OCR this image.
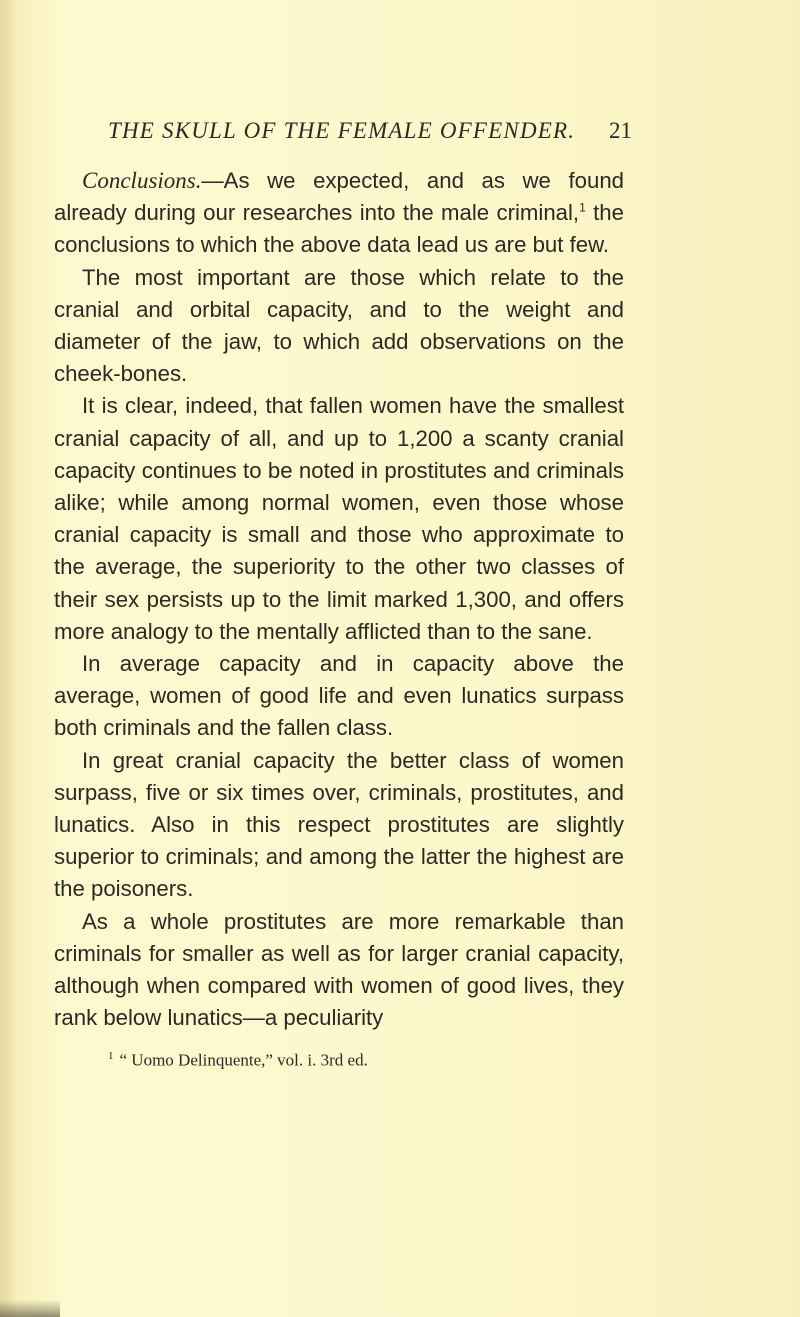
THE SKULL OF THE FEMALE OFFENDER. 21

Conclusions.—As we expected, and as we found already during our researches into the male criminal,$^1$ the conclusions to which the above data lead us are but few.

The most important are those which relate to the cranial and orbital capacity, and to the weight and diameter of the jaw, to which add observations on the cheek-bones.

It is clear, indeed, that fallen women have the smallest cranial capacity of all, and up to 1,200 a scanty cranial capacity continues to be noted in prostitutes and criminals alike; while among normal women, even those whose cranial capacity is small and those who approximate to the average, the superiority to the other two classes of their sex persists up to the limit marked 1,300, and offers more analogy to the mentally afflicted than to the sane.

In average capacity and in capacity above the average, women of good life and even lunatics surpass both criminals and the fallen class.

In great cranial capacity the better class of women surpass, five or six times over, criminals, prostitutes, and lunatics. Also in this respect prostitutes are slightly superior to criminals; and among the latter the highest are the poisoners.

As a whole prostitutes are more remarkable than criminals for smaller as well as for larger cranial capacity, although when compared with women of good lives, they rank below lunatics—a peculiarity

$^1$ “ Uomo Delinquente,” vol. i. 3rd ed.
